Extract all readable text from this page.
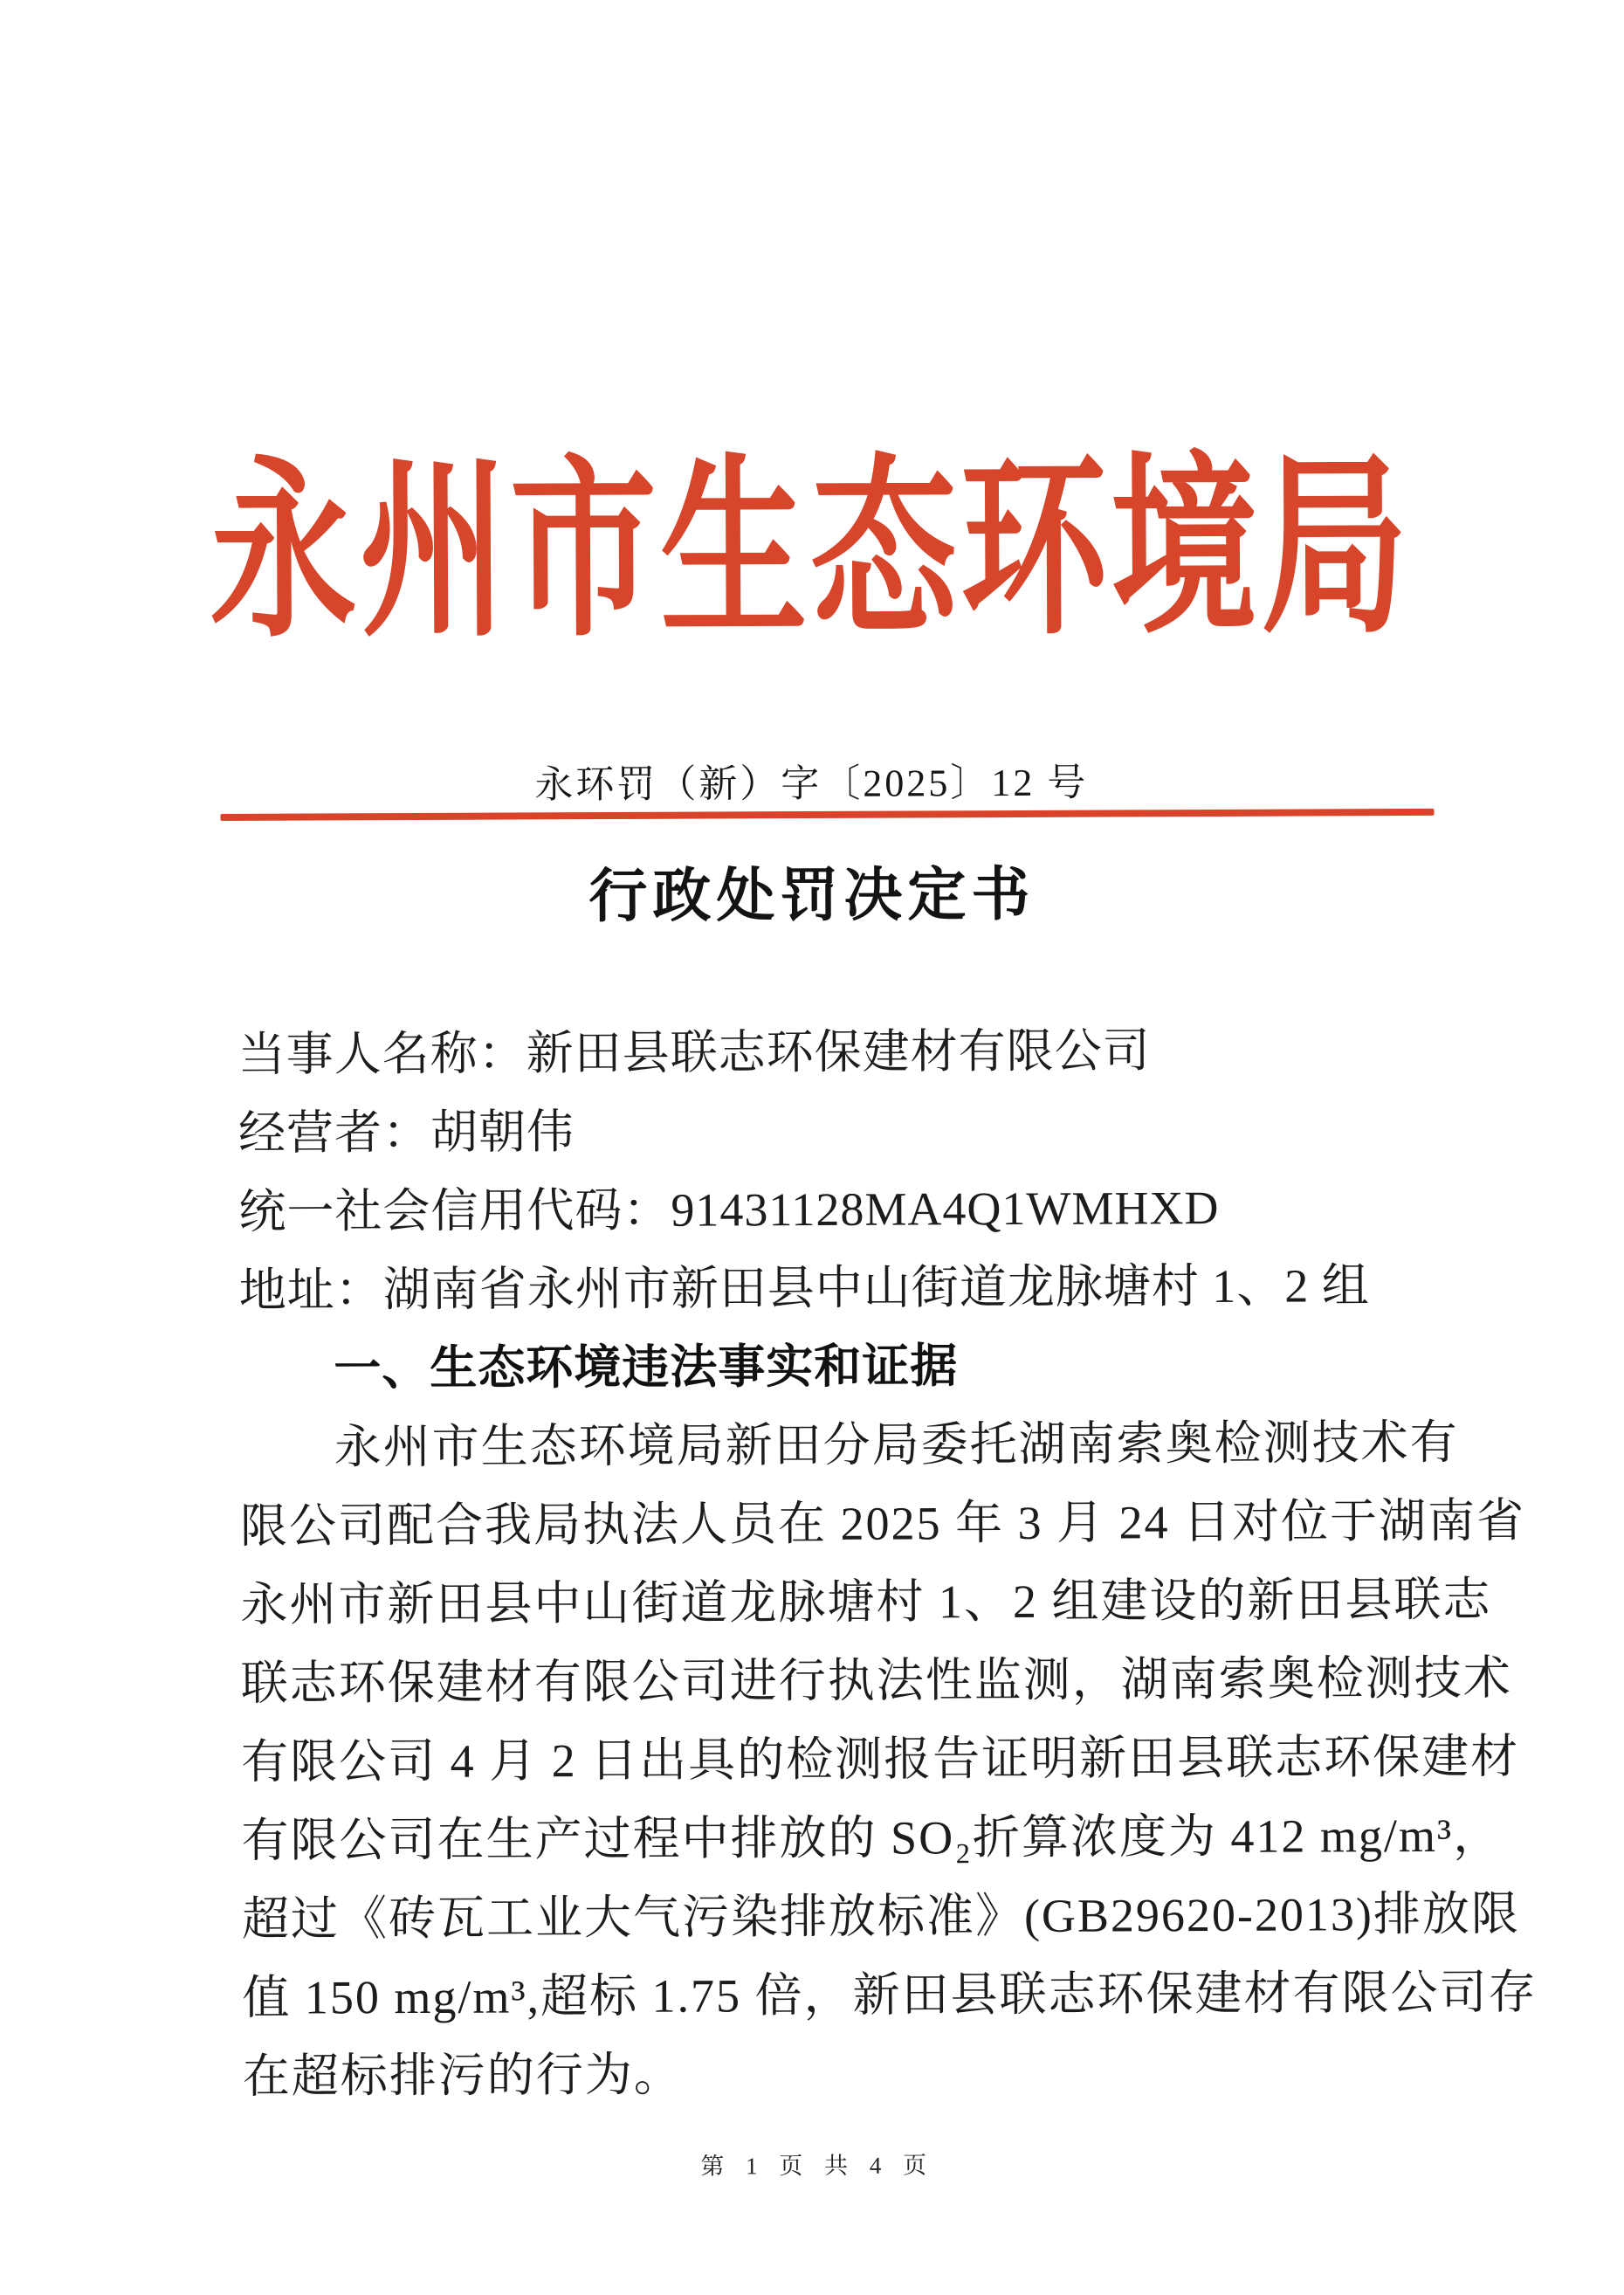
永州市生态环境局
永环罚（新）字〔2025〕12 号
行政处罚决定书
当事人名称：新田县联志环保建材有限公司
经营者：胡朝伟
统一社会信用代码：91431128MA4Q1WMHXD
地址：湖南省永州市新田县中山街道龙脉塘村 1、2 组
一、生态环境违法事实和证据
永州市生态环境局新田分局委托湖南索奥检测技术有
限公司配合我局执法人员在 2025 年 3 月 24 日对位于湖南省
永州市新田县中山街道龙脉塘村 1、2 组建设的新田县联志
联志环保建材有限公司进行执法性监测，湖南索奥检测技术
有限公司 4 月 2 日出具的检测报告证明新田县联志环保建材
有限公司在生产过程中排放的 SO₂折算浓度为 412 mg/m³，
超过《砖瓦工业大气污染排放标准》(GB29620-2013)排放限
值 150 mg/m³,超标 1.75 倍，新田县联志环保建材有限公司存
在超标排污的行为。
第 1 页 共 4 页
